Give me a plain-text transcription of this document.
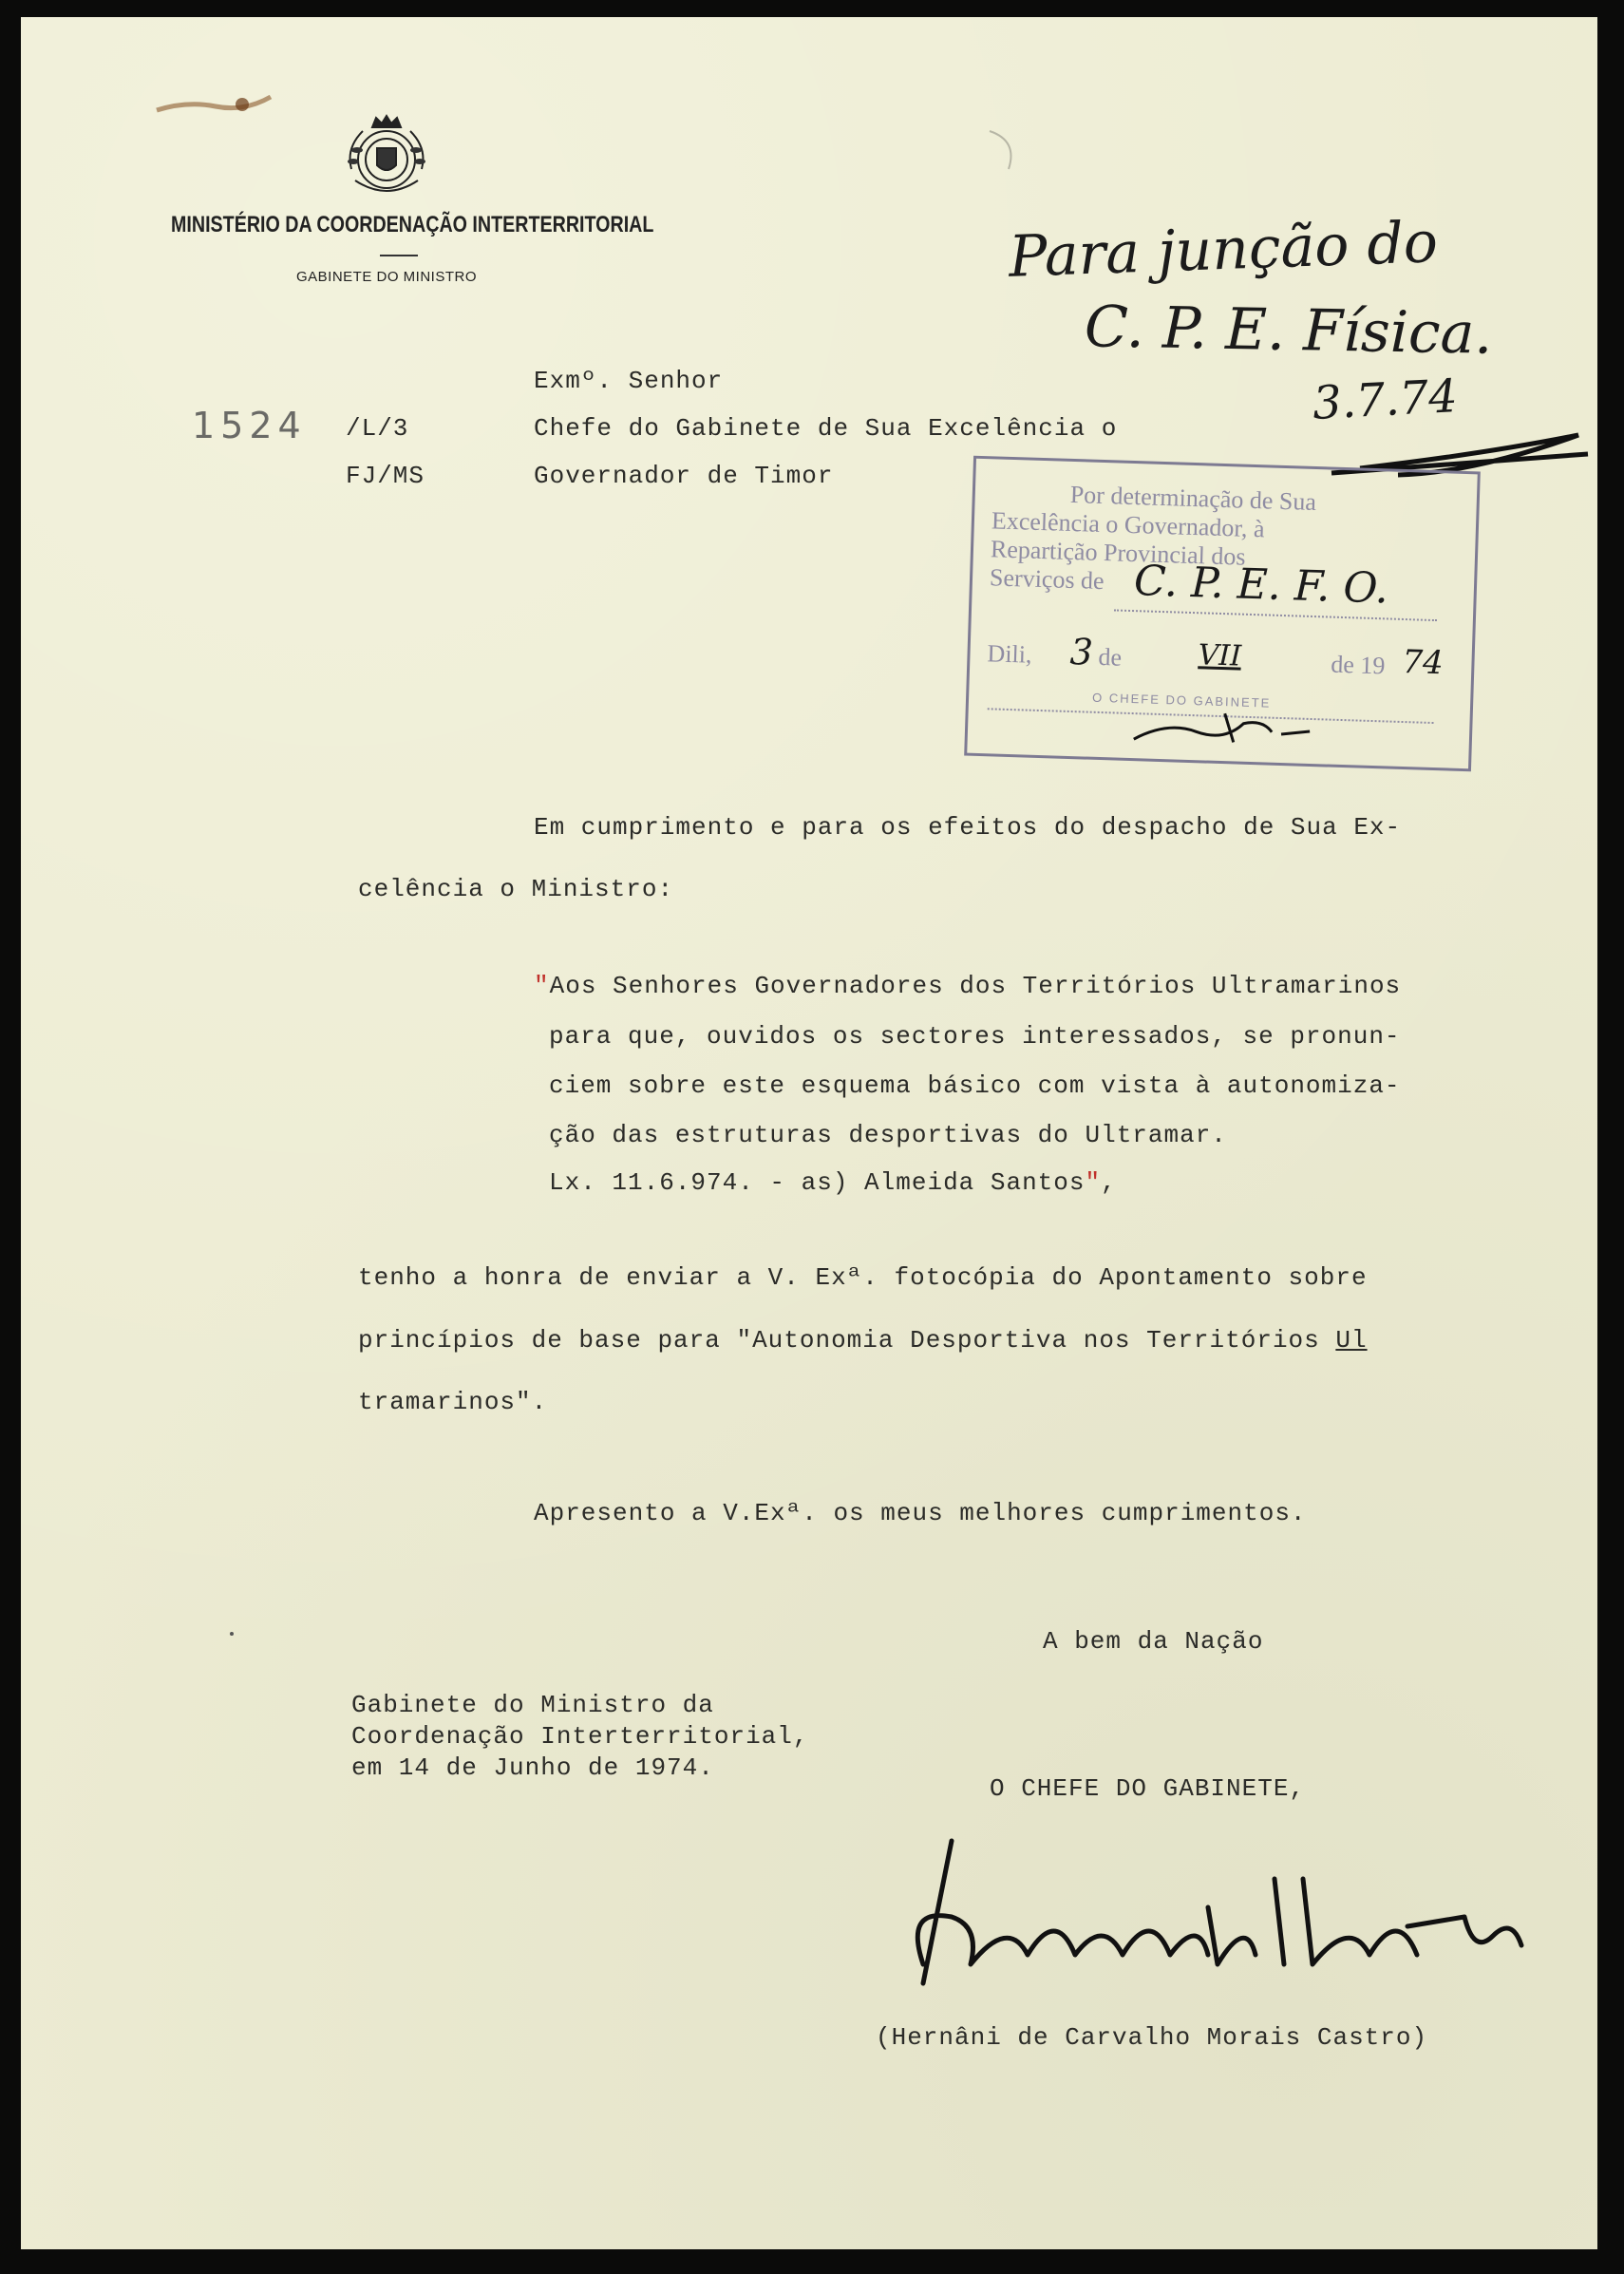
MINISTÉRIO DA COORDENAÇÃO INTERTERRITORIAL
GABINETE DO MINISTRO	Para junção do
C. P. E. Física.
3.7.74
1524 /L/3
FJ/MS
Exmº. Senhor
Chefe do Gabinete de Sua Excelência o
Governador de Timor
Por determinação de Sua
Excelência o Governador, à
Repartição Provincial dos
Serviços de C. P. E. F. O.
Dili, 3 de	VII	de 19 74
O CHEFE DO GABINETE
Em cumprimento e para os efeitos do despacho de Sua Ex-
celência o Ministro:
"Aos Senhores Governadores dos Territórios Ultramarinos
para que, ouvidos os sectores interessados, se pronun-
ciem sobre este esquema básico com vista à autonomiza-
ção das estruturas desportivas do Ultramar.
Lx. 11.6.974. - as) Almeida Santos",
tenho a honra de enviar a V. Exª. fotocópia do Apontamento sobre
princípios de base para "Autonomia Desportiva nos Territórios Ul
tramarinos".
Apresento a V.Exª. os meus melhores cumprimentos.
A bem da Nação
Gabinete do Ministro da
Coordenação Interterritorial,
em 14 de Junho de 1974.
O CHEFE DO GABINETE,
(Hernâni de Carvalho Morais Castro)
